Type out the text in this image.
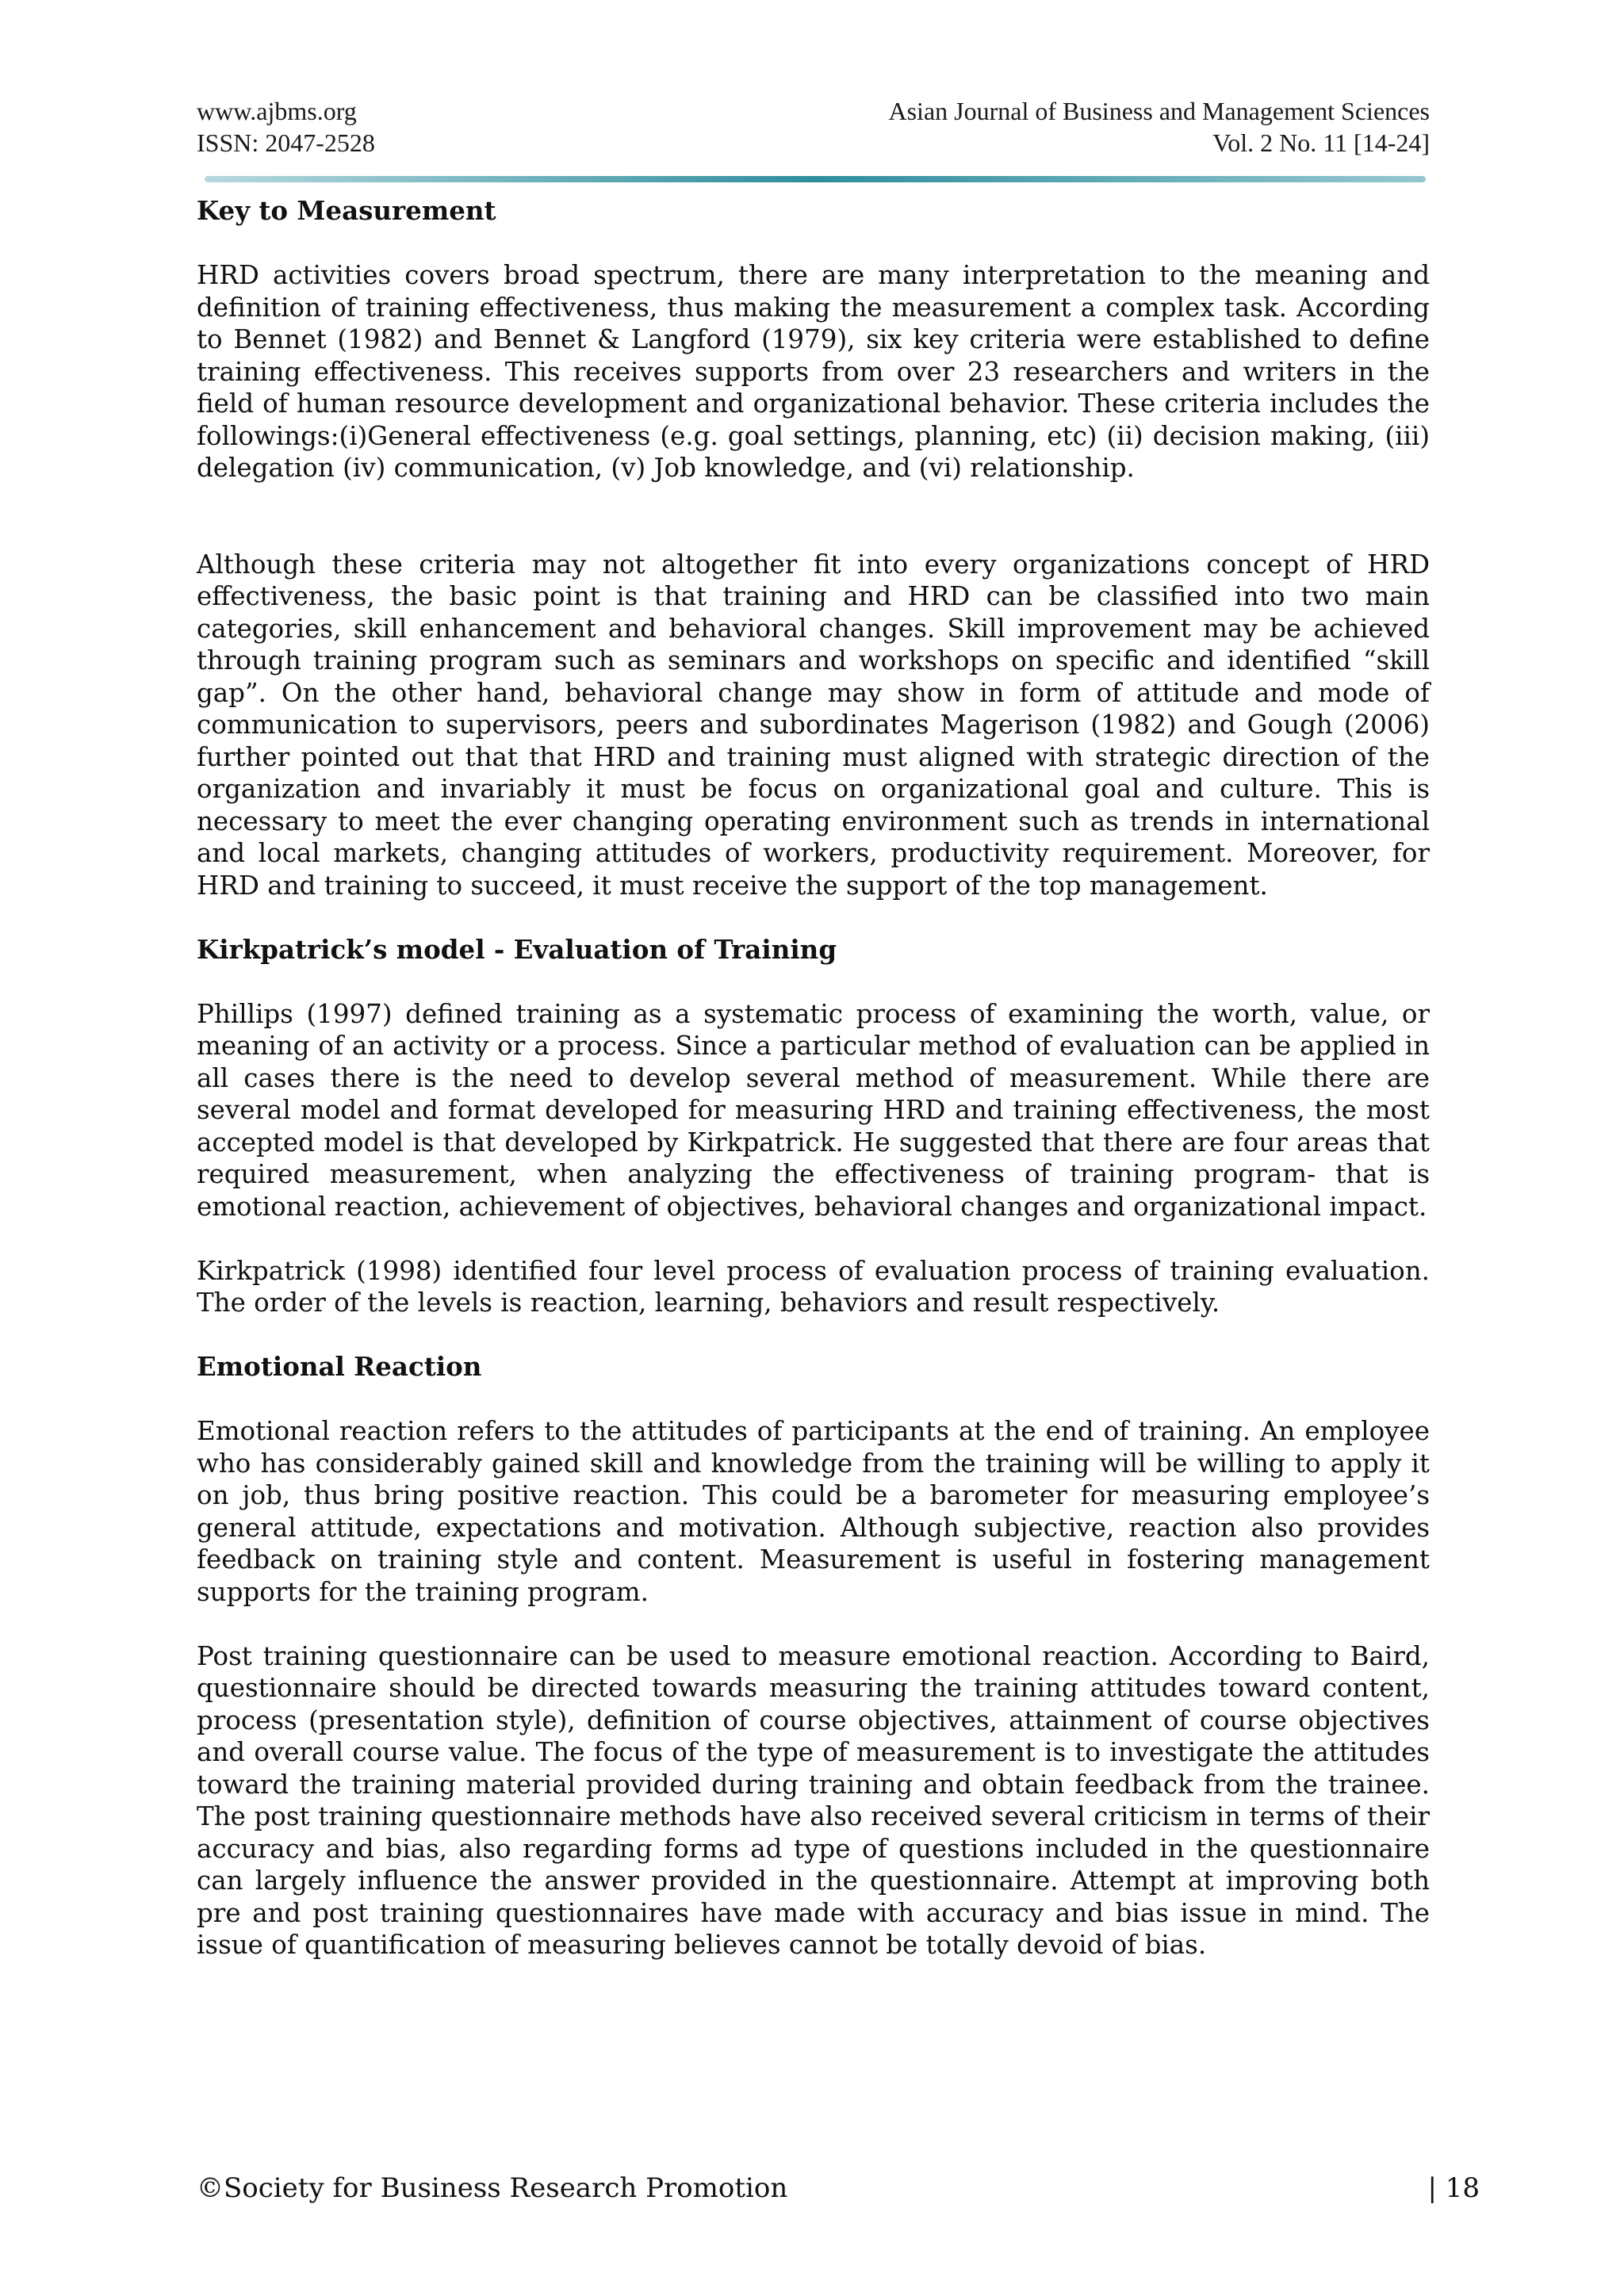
www.ajbms.org	Asian Journal of Business and Management Sciences
ISSN: 2047-2528	Vol. 2 No. 11 [14-24]
Key to Measurement

HRD activities covers broad spectrum, there are many interpretation to the meaning and definition of training effectiveness, thus making the measurement a complex task. According to Bennet (1982) and Bennet & Langford (1979), six key criteria were established to define training effectiveness. This receives supports from over 23 researchers and writers in the field of human resource development and organizational behavior. These criteria includes the followings:(i)General effectiveness (e.g. goal settings, planning, etc) (ii) decision making, (iii) delegation (iv) communication, (v) Job knowledge, and (vi) relationship.

Although these criteria may not altogether fit into every organizations concept of HRD effectiveness, the basic point is that training and HRD can be classified into two main categories, skill enhancement and behavioral changes. Skill improvement may be achieved through training program such as seminars and workshops on specific and identified “skill gap”. On the other hand, behavioral change may show in form of attitude and mode of communication to supervisors, peers and subordinates Magerison (1982) and Gough (2006) further pointed out that that HRD and training must aligned with strategic direction of the organization and invariably it must be focus on organizational goal and culture. This is necessary to meet the ever changing operating environment such as trends in international and local markets, changing attitudes of workers, productivity requirement. Moreover, for HRD and training to succeed, it must receive the support of the top management.

Kirkpatrick’s model - Evaluation of Training

Phillips (1997) defined training as a systematic process of examining the worth, value, or meaning of an activity or a process. Since a particular method of evaluation can be applied in all cases there is the need to develop several method of measurement. While there are several model and format developed for measuring HRD and training effectiveness, the most accepted model is that developed by Kirkpatrick. He suggested that there are four areas that required measurement, when analyzing the effectiveness of training program- that is emotional reaction, achievement of objectives, behavioral changes and organizational impact.

Kirkpatrick (1998) identified four level process of evaluation process of training evaluation. The order of the levels is reaction, learning, behaviors and result respectively.

Emotional Reaction

Emotional reaction refers to the attitudes of participants at the end of training. An employee who has considerably gained skill and knowledge from the training will be willing to apply it on job, thus bring positive reaction. This could be a barometer for measuring employee’s general attitude, expectations and motivation. Although subjective, reaction also provides feedback on training style and content. Measurement is useful in fostering management supports for the training program.

Post training questionnaire can be used to measure emotional reaction. According to Baird, questionnaire should be directed towards measuring the training attitudes toward content, process (presentation style), definition of course objectives, attainment of course objectives and overall course value. The focus of the type of measurement is to investigate the attitudes toward the training material provided during training and obtain feedback from the trainee. The post training questionnaire methods have also received several criticism in terms of their accuracy and bias, also regarding forms ad type of questions included in the questionnaire can largely influence the answer provided in the questionnaire. Attempt at improving both pre and post training questionnaires have made with accuracy and bias issue in mind. The issue of quantification of measuring believes cannot be totally devoid of bias.

©Society for Business Research Promotion	| 18
